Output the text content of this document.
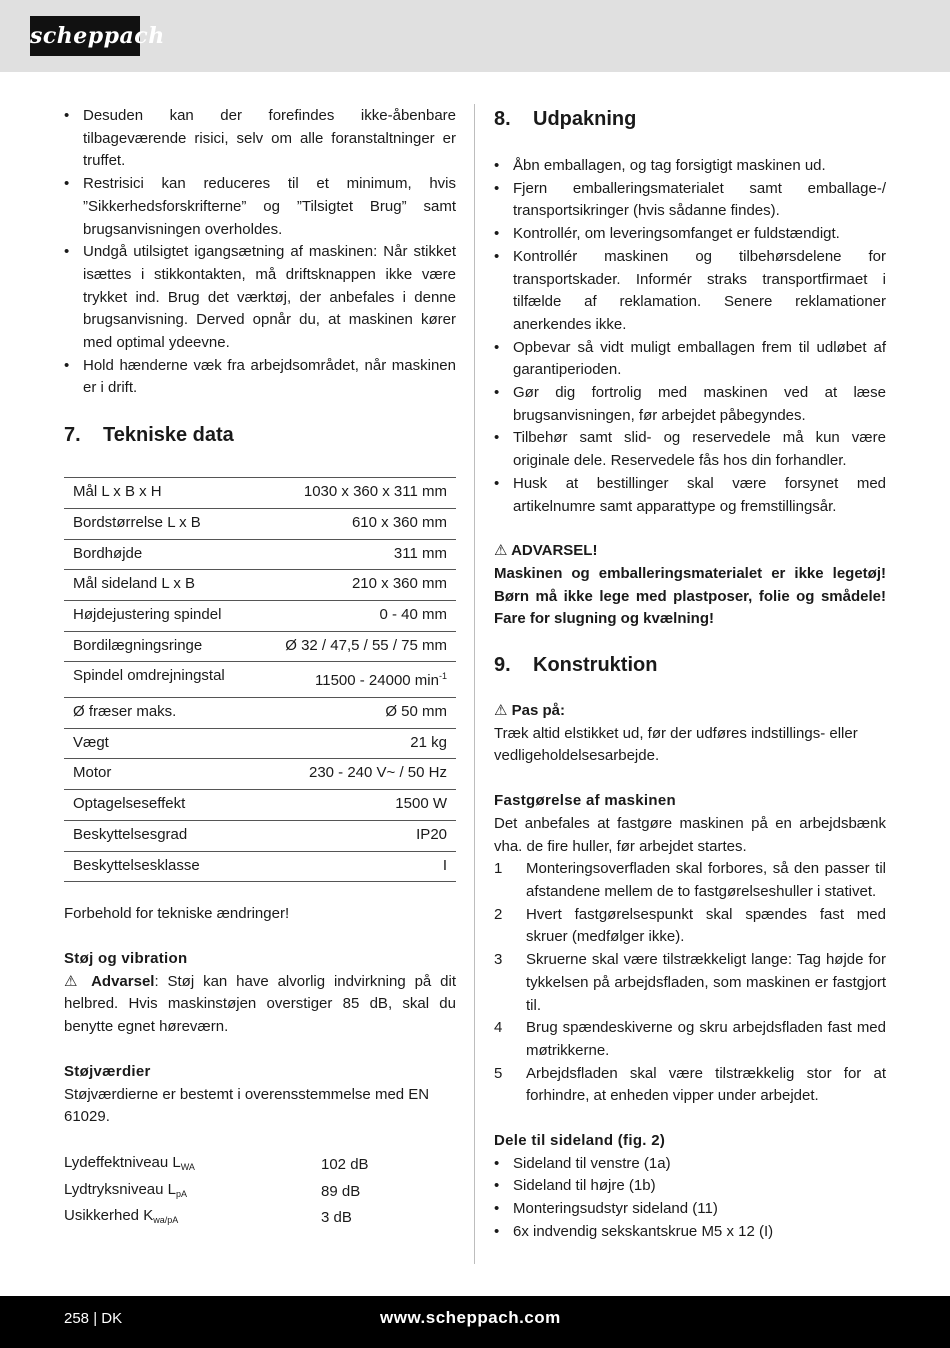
scheppach
• Desuden kan der forefindes ikke-åbenbare tilbageværende risici, selv om alle foranstaltninger er truffet.
• Restrisici kan reduceres til et minimum, hvis ”Sikkerhedsforskrifterne” og ”Tilsigtet Brug” samt brugsanvisningen overholdes.
• Undgå utilsigtet igangsætning af maskinen: Når stikket isættes i stikkontakten, må driftsknappen ikke være trykket ind. Brug det værktøj, der anbefales i denne brugsanvisning. Derved opnår du, at maskinen kører med optimal ydeevne.
• Hold hænderne væk fra arbejdsområdet, når maskinen er i drift.
7.	Tekniske data
Mål L x B x H	1030 x 360 x 311 mm
Bordstørrelse L x B	610 x 360 mm
Bordhøjde	311 mm
Mål sideland L x B	210 x 360 mm
Højdejustering spindel	0 - 40 mm
Bordilægningsringe	Ø 32 / 47,5 / 55 / 75 mm
Spindel omdrejningstal	11500 - 24000 $\min^{-1}$
Ø fræser maks.	Ø 50 mm
Vægt	21 kg
Motor	230 - 240 V~ / 50 Hz
Optagelseseffekt	1500 W
Beskyttelsesgrad	IP20
Beskyttelsesklasse	I

Forbehold for tekniske ændringer!

Støj og vibration

⚠ Advarsel: Støj kan have alvorlig indvirkning på dit helbred. Hvis maskinstøjen overstiger 85 dB, skal du benytte egnet høreværn.

Støjværdier

Støjværdierne er bestemt i overensstemmelse med EN 61029.

Lydeffektniveau $L_{WA}$	102 dB
Lydtryksniveau $L_{pA}$	89 dB
Usikkerhed $K_{wa/pA}$	3 dB
8.	Udpakning
• Åbn emballagen, og tag forsigtigt maskinen ud.
• Fjern emballeringsmaterialet samt emballage-/ transportsikringer (hvis sådanne findes).
• Kontrollér, om leveringsomfanget er fuldstændigt.
• Kontrollér maskinen og tilbehørsdelene for transportskader. Informér straks transportfirmaet i tilfælde af reklamation. Senere reklamationer anerkendes ikke.
• Opbevar så vidt muligt emballagen frem til udløbet af garantiperioden.
• Gør dig fortrolig med maskinen ved at læse brugsanvisningen, før arbejdet påbegyndes.
• Tilbehør samt slid- og reservedele må kun være originale dele. Reservedele fås hos din forhandler.
• Husk at bestillinger skal være forsynet med artikelnumre samt apparattype og fremstillingsår.

⚠ ADVARSEL!

Maskinen og emballeringsmaterialet er ikke legetøj! Børn må ikke lege med plastposer, folie og smådele! Fare for slugning og kvælning!

9.	Konstruktion

⚠ Pas på:

Træk altid elstikket ud, før der udføres indstillings- eller vedligeholdelsesarbejde.

Fastgørelse af maskinen

Det anbefales at fastgøre maskinen på en arbejdsbænk vha. de fire huller, før arbejdet startes.

1 Monteringsoverfladen skal forbores, så den passer til afstandene mellem de to fastgørelseshuller i stativet.
2 Hvert fastgørelsespunkt skal spændes fast med skruer (medfølger ikke).
3 Skruerne skal være tilstrækkeligt lange: Tag højde for tykkelsen på arbejdsfladen, som maskinen er fastgjort til.
4 Brug spændeskiverne og skru arbejdsfladen fast med møtrikkerne.
5 Arbejdsfladen skal være tilstrækkelig stor for at forhindre, at enheden vipper under arbejdet.

Dele til sideland (fig. 2)

• Sideland til venstre (1a)
• Sideland til højre (1b)
• Monteringsudstyr sideland (11)
• 6x indvendig sekskantskrue M5 x 12 (I)
258 | DK	www.scheppach.com
